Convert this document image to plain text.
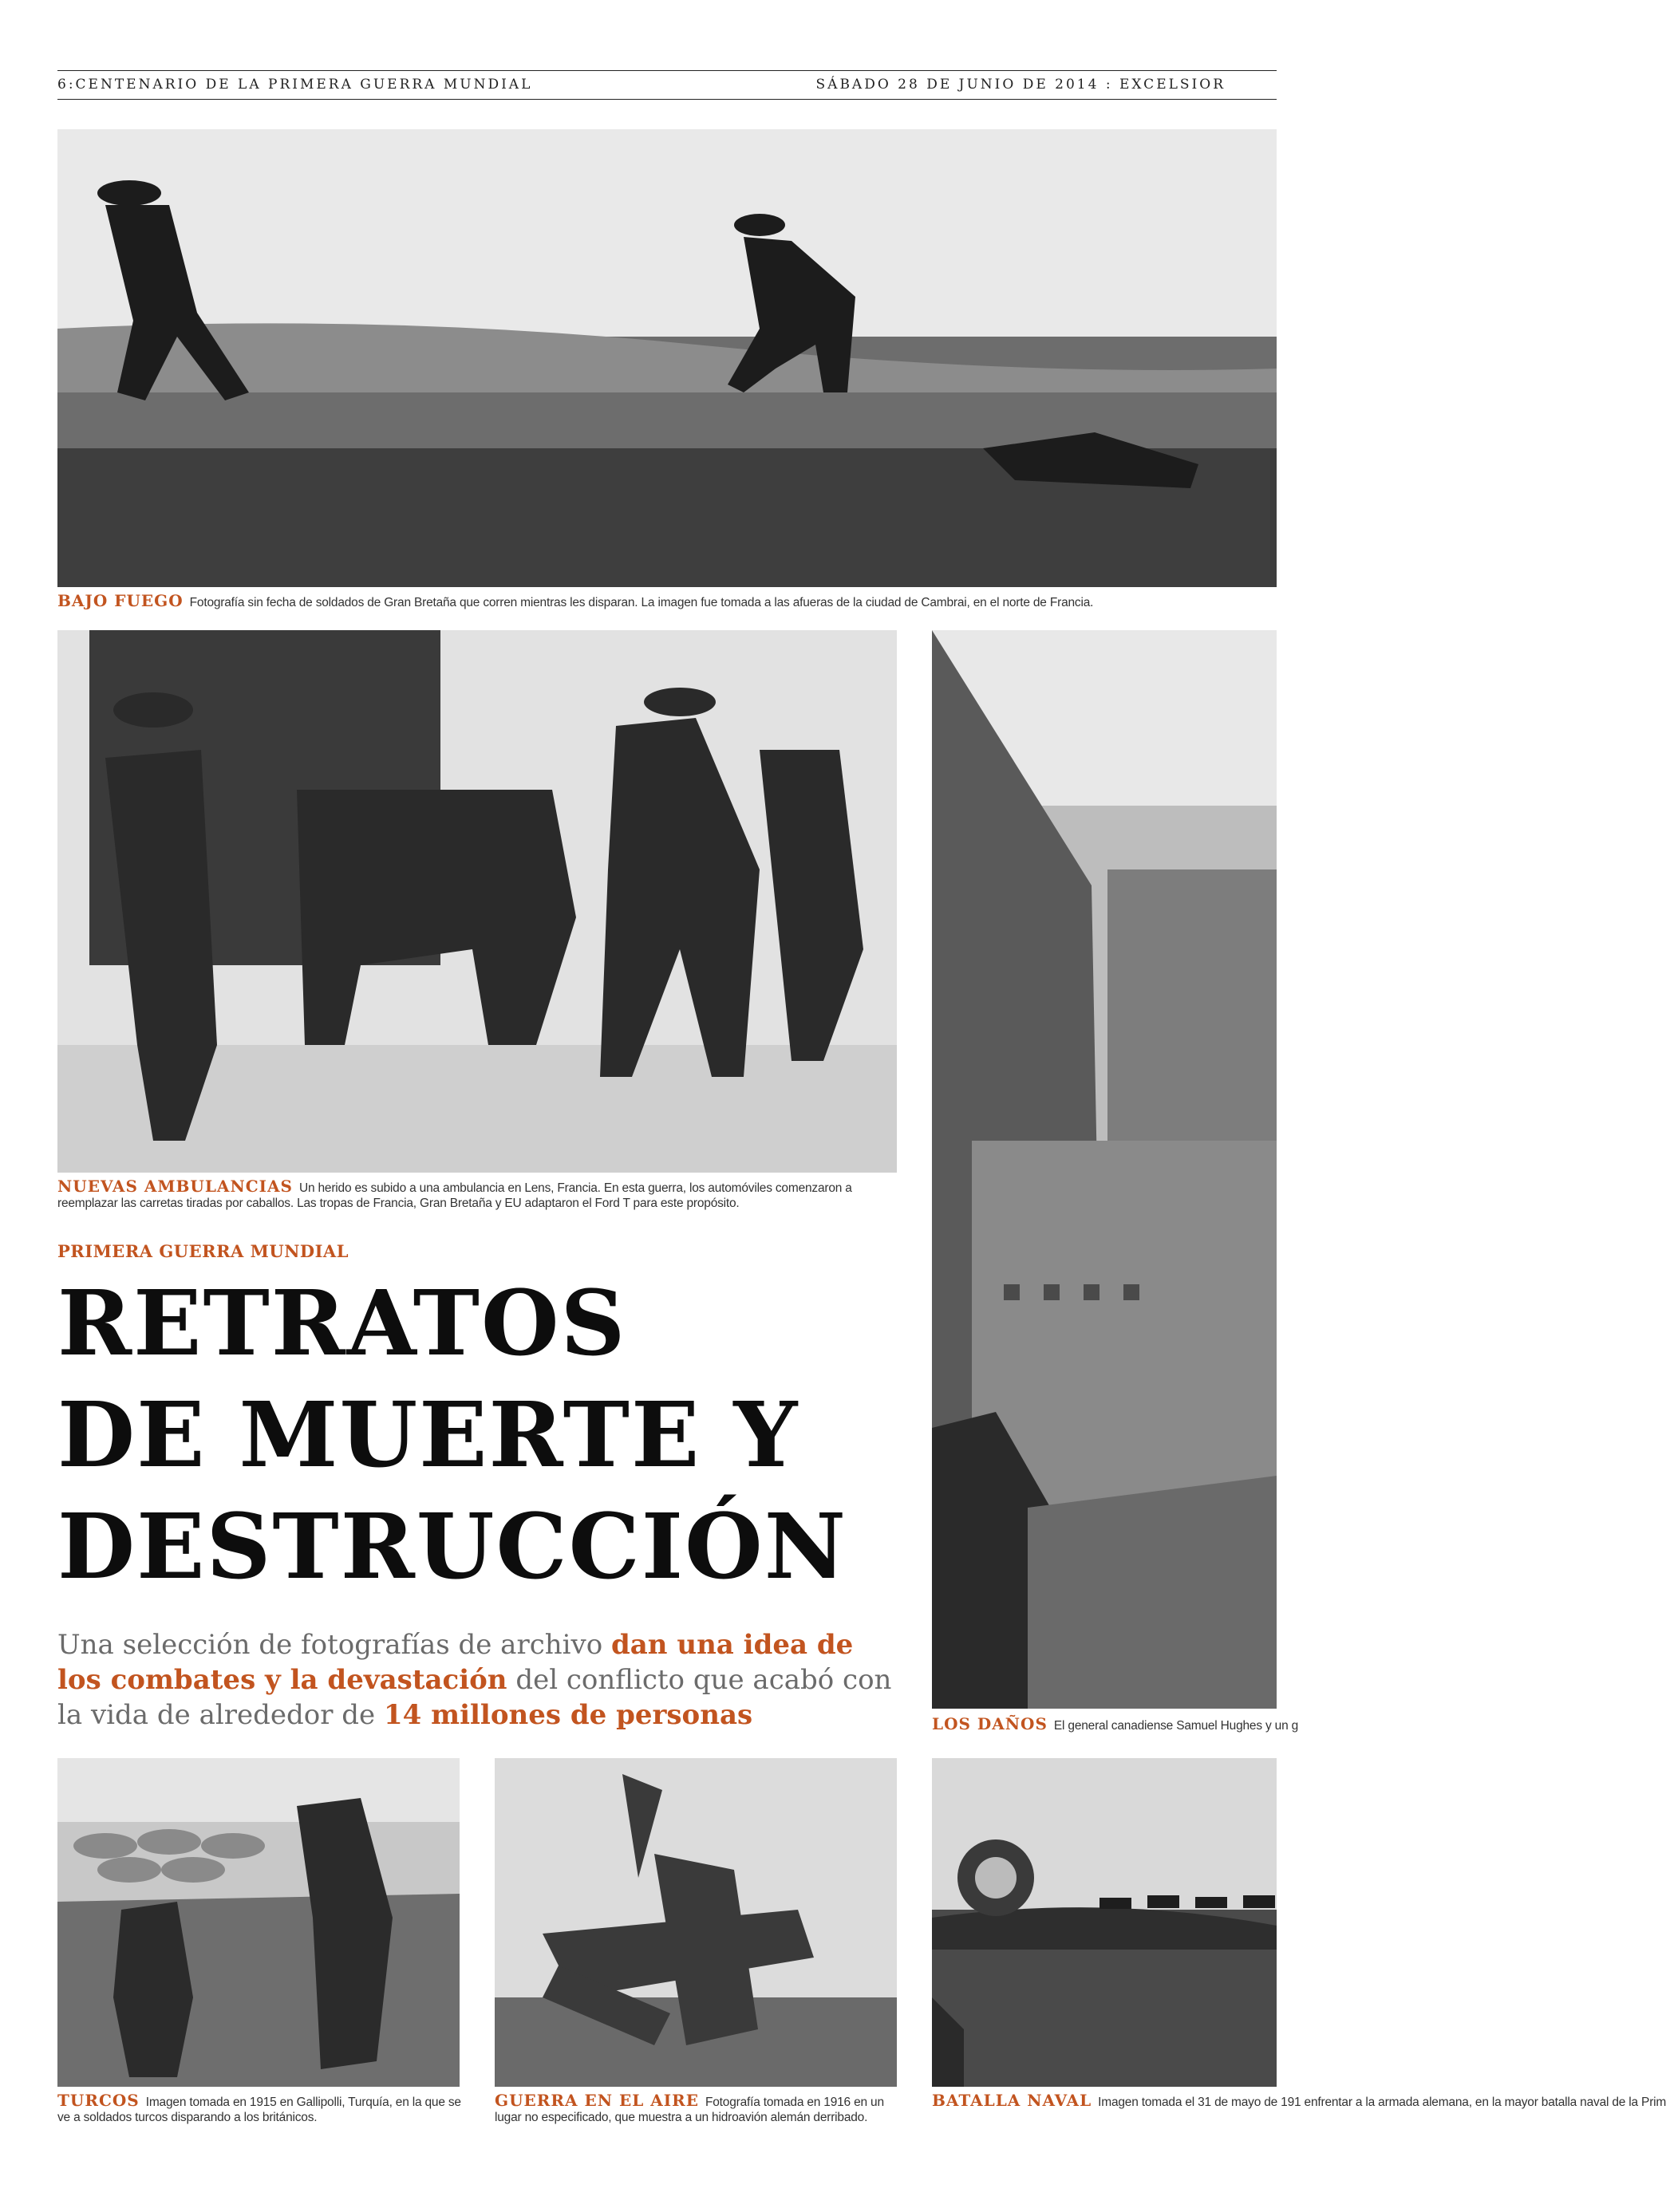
6:CENTENARIO DE LA PRIMERA GUERRA MUNDIAL	SÁBADO 28 DE JUNIO DE 2014 : EXCELSIOR
BAJO FUEGO Fotografía sin fecha de soldados de Gran Bretaña que corren mientras les disparan. La imagen fue tomada a las afueras de la ciudad de Cambrai, en el norte de Francia.
NUEVAS AMBULANCIAS Un herido es subido a una ambulancia en Lens, Francia. En esta guerra, los automóviles comenzaron a reemplazar las carretas tiradas por caballos. Las tropas de Francia, Gran Bretaña y EU adaptaron el Ford T para este propósito.
LOS DAÑOS El general canadiense Samuel Hughes y un g
PRIMERA GUERRA MUNDIAL

RETRATOS

DE MUERTE Y

DESTRUCCIÓN

Una selección de fotografías de archivo dan una idea de los combates y la devastación del conflicto que acabó con la vida de alrededor de 14 millones de personas
TURCOS Imagen tomada en 1915 en Gallipolli, Turquía, en la que se ve a soldados turcos disparando a los británicos.
GUERRA EN EL AIRE Fotografía tomada en 1916 en un lugar no especificado, que muestra a un hidroavión alemán derribado.
BATALLA NAVAL Imagen tomada el 31 de mayo de 191 enfrentar a la armada alemana, en la mayor batalla naval de la Prim
